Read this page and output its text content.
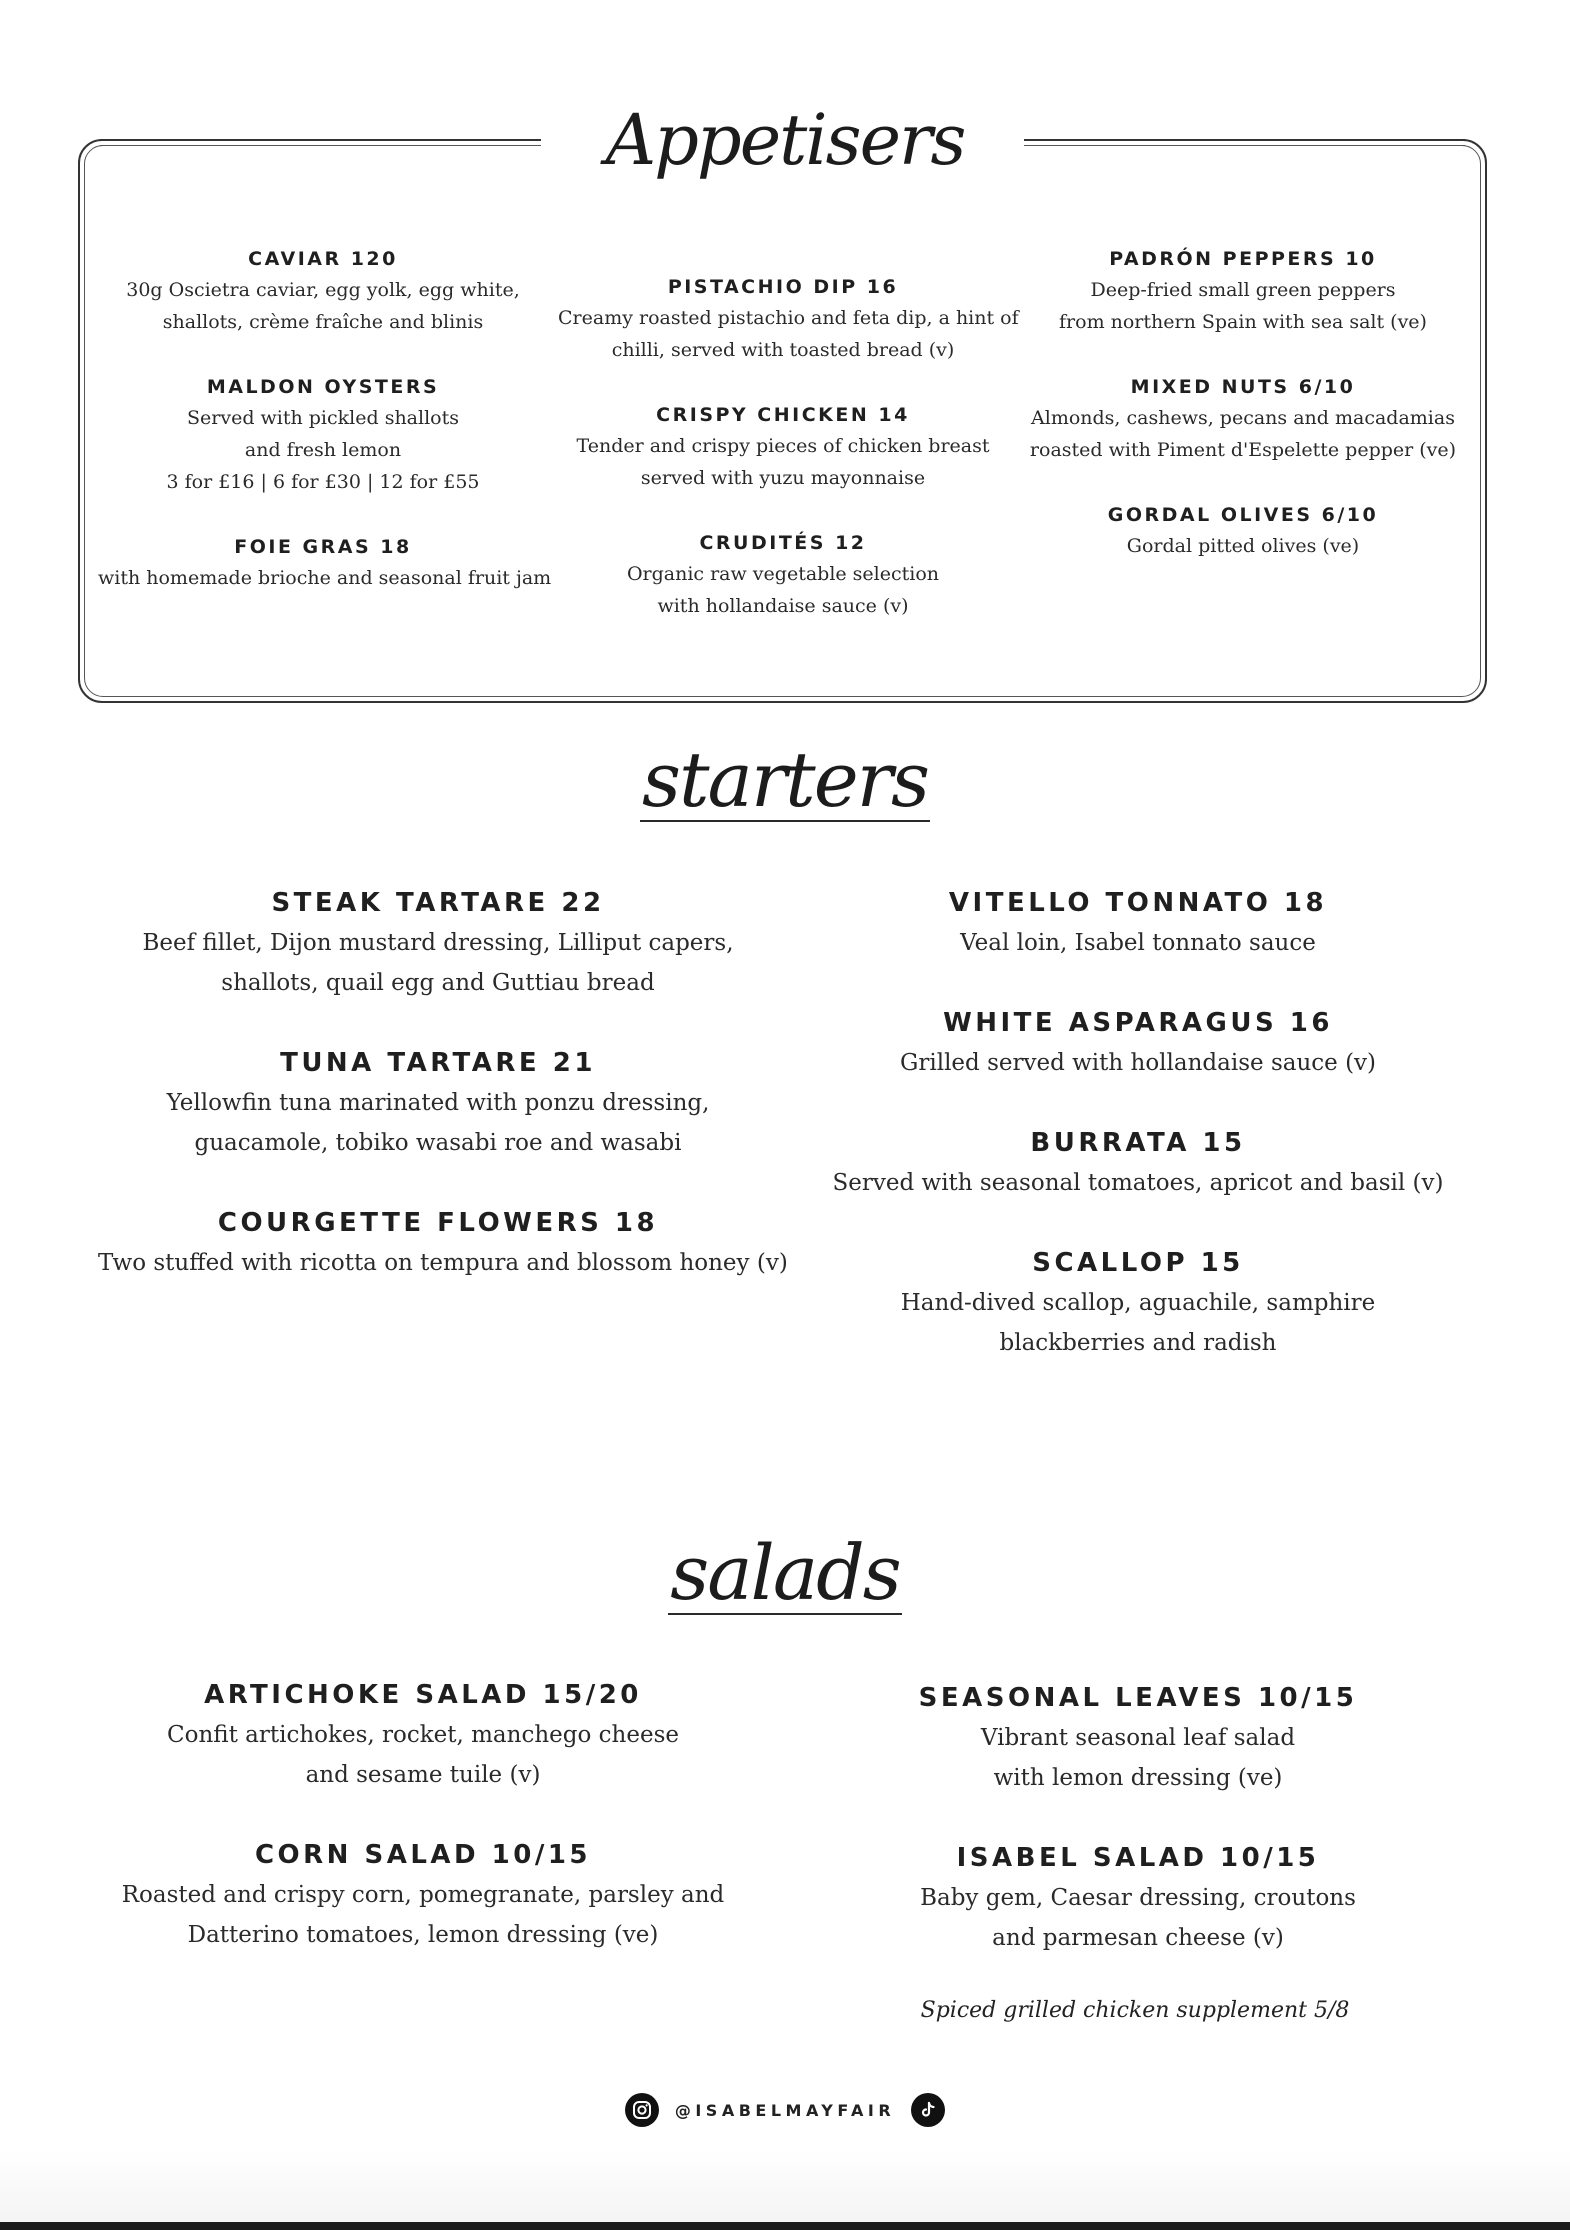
Appetisers

CAVIAR 120

30g Oscietra caviar, egg yolk, egg white,

shallots, crème fraîche and blinis

MALDON OYSTERS

Served with pickled shallots

and fresh lemon

3 for £16 | 6 for £30 | 12 for £55

FOIE GRAS 18

with homemade brioche and seasonal fruit jam

PISTACHIO DIP 16

Creamy roasted pistachio and feta dip, a hint of

chilli, served with toasted bread (v)

CRISPY CHICKEN 14

Tender and crispy pieces of chicken breast

served with yuzu mayonnaise

CRUDITÉS 12

Organic raw vegetable selection

with hollandaise sauce (v)

PADRÓN PEPPERS 10

Deep-fried small green peppers

from northern Spain with sea salt (ve)

MIXED NUTS 6/10

Almonds, cashews, pecans and macadamias

roasted with Piment d'Espelette pepper (ve)

GORDAL OLIVES 6/10

Gordal pitted olives (ve)

starters

STEAK TARTARE 22

Beef fillet, Dijon mustard dressing, Lilliput capers,

shallots, quail egg and Guttiau bread

TUNA TARTARE 21

Yellowfin tuna marinated with ponzu dressing,

guacamole, tobiko wasabi roe and wasabi

COURGETTE FLOWERS 18

Two stuffed with ricotta on tempura and blossom honey (v)

VITELLO TONNATO 18

Veal loin, Isabel tonnato sauce

WHITE ASPARAGUS 16

Grilled served with hollandaise sauce (v)

BURRATA 15

Served with seasonal tomatoes, apricot and basil (v)

SCALLOP 15

Hand-dived scallop, aguachile, samphire

blackberries and radish

salads

ARTICHOKE SALAD 15/20

Confit artichokes, rocket, manchego cheese

and sesame tuile (v)

CORN SALAD 10/15

Roasted and crispy corn, pomegranate, parsley and

Datterino tomatoes, lemon dressing (ve)

SEASONAL LEAVES 10/15

Vibrant seasonal leaf salad

with lemon dressing (ve)

ISABEL SALAD 10/15

Baby gem, Caesar dressing, croutons

and parmesan cheese (v)

Spiced grilled chicken supplement 5/8
@ISABELMAYFAIR
